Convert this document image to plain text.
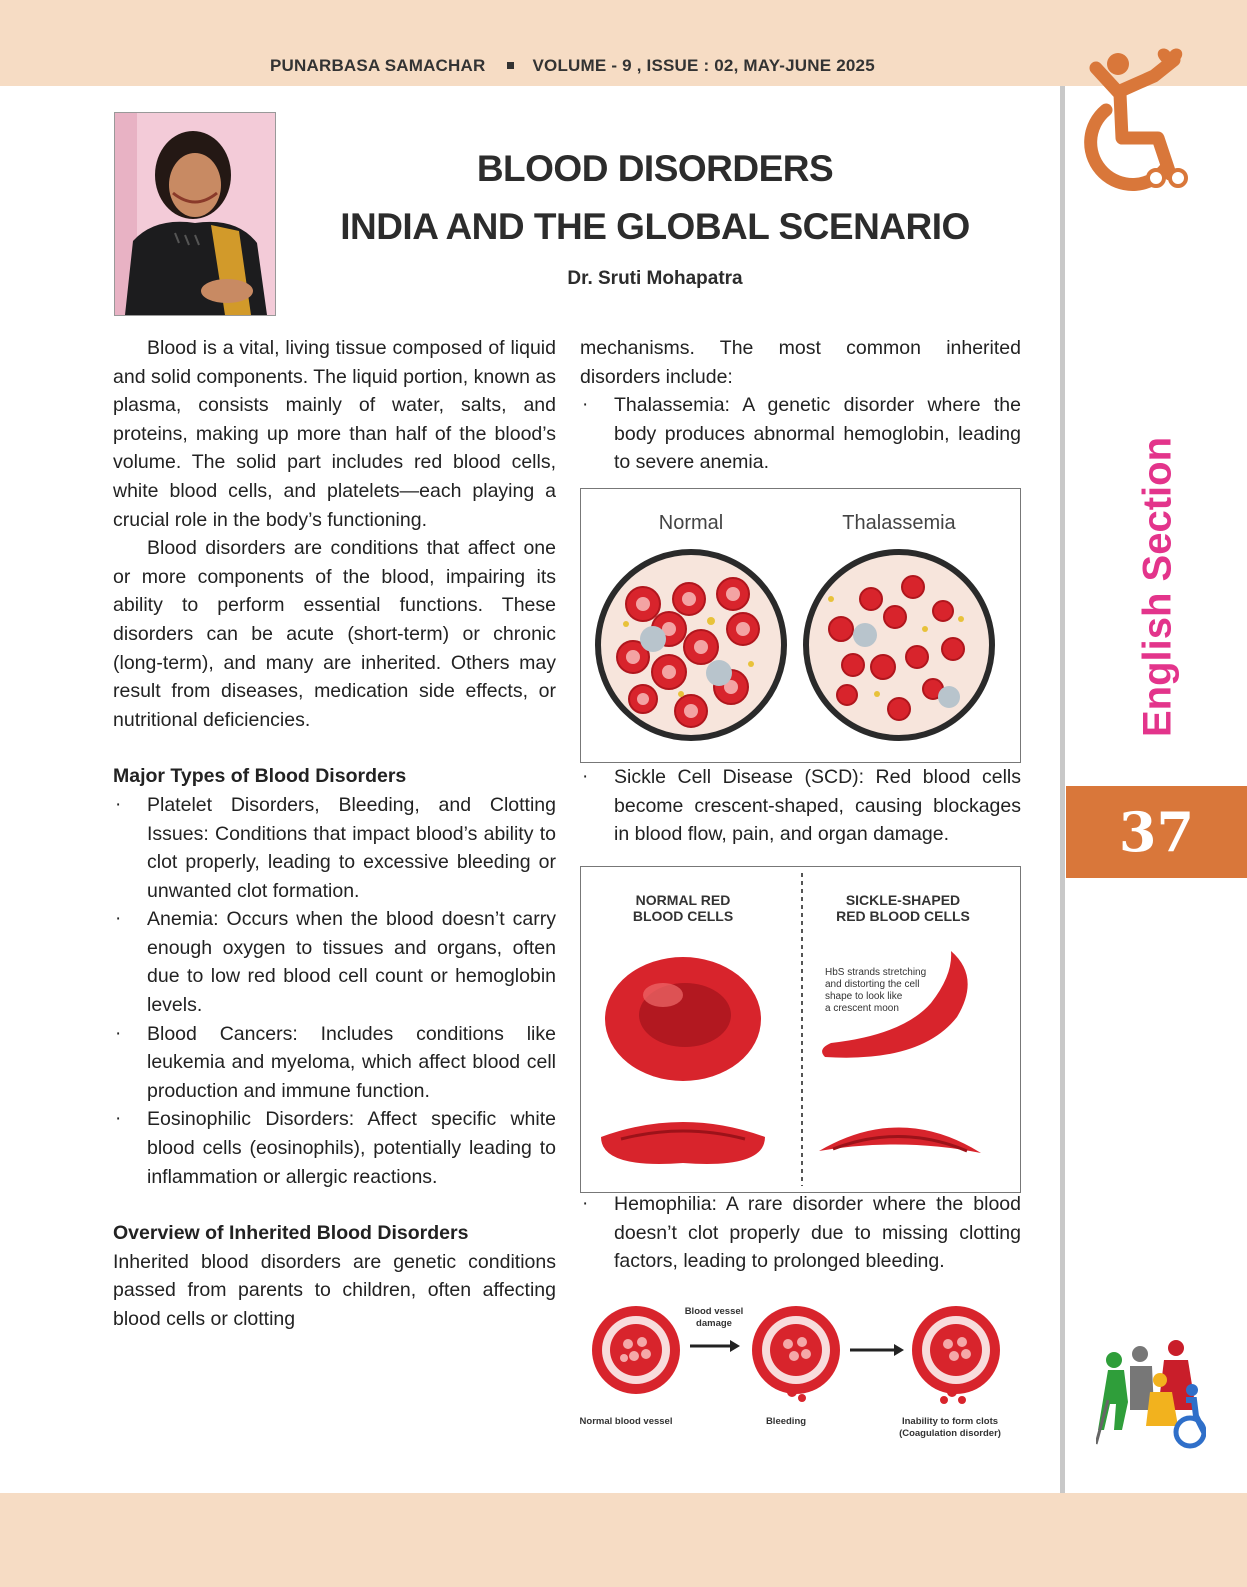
PUNARBASA SAMACHAR	VOLUME - 9 , ISSUE : 02, MAY-JUNE 2025
BLOOD DISORDERS
INDIA AND THE GLOBAL SCENARIO
Dr. Sruti Mohapatra

Blood is a vital, living tissue composed of liquid and solid components. The liquid portion, known as plasma, consists mainly of water, salts, and proteins, making up more than half of the blood’s volume. The solid part includes red blood cells, white blood cells, and platelets—each playing a crucial role in the body’s functioning.

Blood disorders are conditions that affect one or more components of the blood, impairing its ability to perform essential functions. These disorders can be acute (short-term) or chronic (long-term), and many are inherited. Others may result from diseases, medication side effects, or nutritional deficiencies.

Major Types of Blood Disorders
· Platelet Disorders, Bleeding, and Clotting Issues: Conditions that impact blood’s ability to clot properly, leading to excessive bleeding or unwanted clot formation.
· Anemia: Occurs when the blood doesn’t carry enough oxygen to tissues and organs, often due to low red blood cell count or hemoglobin levels.
· Blood Cancers: Includes conditions like leukemia and myeloma, which affect blood cell production and immune function.
· Eosinophilic Disorders: Affect specific white blood cells (eosinophils), potentially leading to inflammation or allergic reactions.
Overview of Inherited Blood Disorders

Inherited blood disorders are genetic conditions passed from parents to children, often affecting blood cells or clotting

mechanisms. The most common inherited disorders include:

· Thalassemia: A genetic disorder where the body produces abnormal hemoglobin, leading to severe anemia.
Normal	Thalassemia
· Sickle Cell Disease (SCD): Red blood cells become crescent-shaped, causing blockages in blood flow, pain, and organ damage.
NORMAL RED
BLOOD CELLS
SICKLE-SHAPED
RED BLOOD CELLS
HbS strands stretching
and distorting the cell
shape to look like
a crescent moon
· Hemophilia: A rare disorder where the blood doesn’t clot properly due to missing clotting factors, leading to prolonged bleeding.
Blood vessel
damage
Normal blood vessel	Bleeding	Inability to form clots
(Coagulation disorder)
English Section
37
